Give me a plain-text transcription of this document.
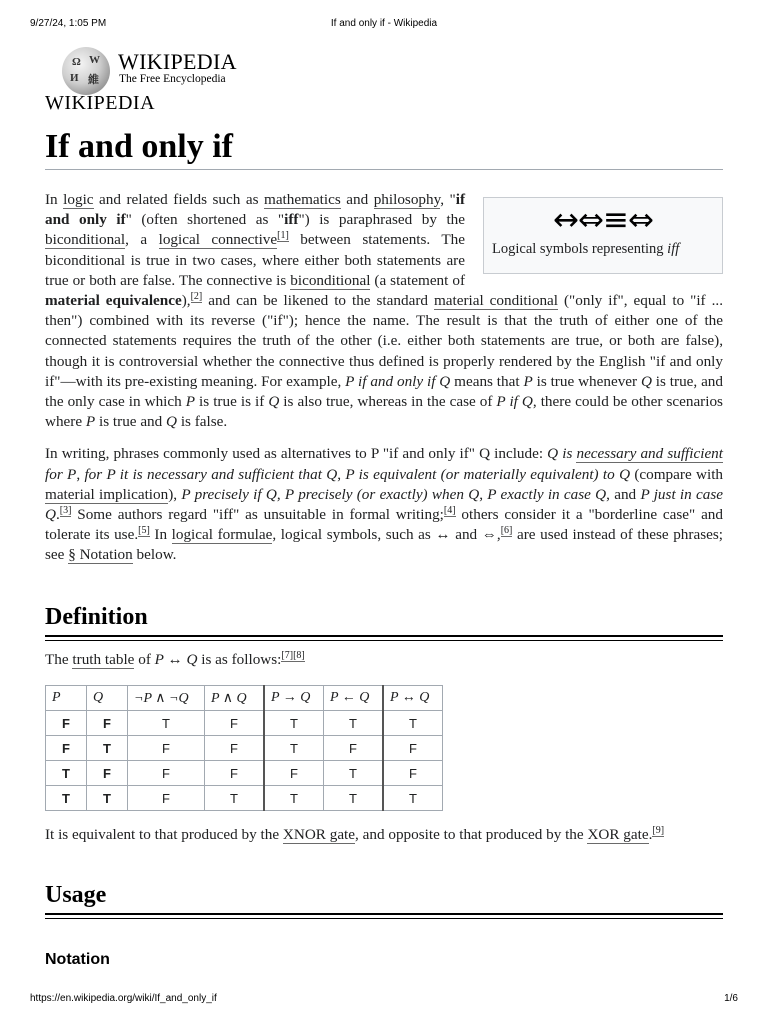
9/27/24, 1:05 PM	If and only if - Wikipedia
Ω W
И 維
WIKIPEDIA
The Free Encyclopedia
WIKIPEDIA
If and only if
↔⇔≡⇔
Logical symbols representing iff

In logic and related fields such as mathematics and philosophy, "if and only if" (often shortened as "iff") is paraphrased by the biconditional, a logical connective[1] between statements. The biconditional is true in two cases, where either both statements are true or both are false. The connective is biconditional (a statement of material equivalence),[2] and can be likened to the standard material conditional ("only if", equal to "if ... then") combined with its reverse ("if"); hence the name. The result is that the truth of either one of the connected statements requires the truth of the other (i.e. either both statements are true, or both are false), though it is controversial whether the connective thus defined is properly rendered by the English "if and only if"—with its pre-existing meaning. For example, P if and only if Q means that P is true whenever Q is true, and the only case in which P is true is if Q is also true, whereas in the case of P if Q, there could be other scenarios where P is true and Q is false.

In writing, phrases commonly used as alternatives to P "if and only if" Q include: Q is necessary and sufficient for P, for P it is necessary and sufficient that Q, P is equivalent (or materially equivalent) to Q (compare with material implication), P precisely if Q, P precisely (or exactly) when Q, P exactly in case Q, and P just in case Q.[3] Some authors regard "iff" as unsuitable in formal writing;[4] others consider it a "borderline case" and tolerate its use.[5] In logical formulae, logical symbols, such as ↔ and ⇔,[6] are used instead of these phrases; see § Notation below.

Definition
The truth table of P ↔ Q is as follows:[7][8]
P	Q	¬P ∧ ¬Q	P ∧ Q	P → Q	P ← Q	P ↔ Q
F	F	T	F	T	T	T
F	T	F	F	T	F	F
T	F	F	F	F	T	F
T	T	F	T	T	T	T
It is equivalent to that produced by the XNOR gate, and opposite to that produced by the XOR gate.[9]
Usage
Notation
https://en.wikipedia.org/wiki/If_and_only_if	1/6
